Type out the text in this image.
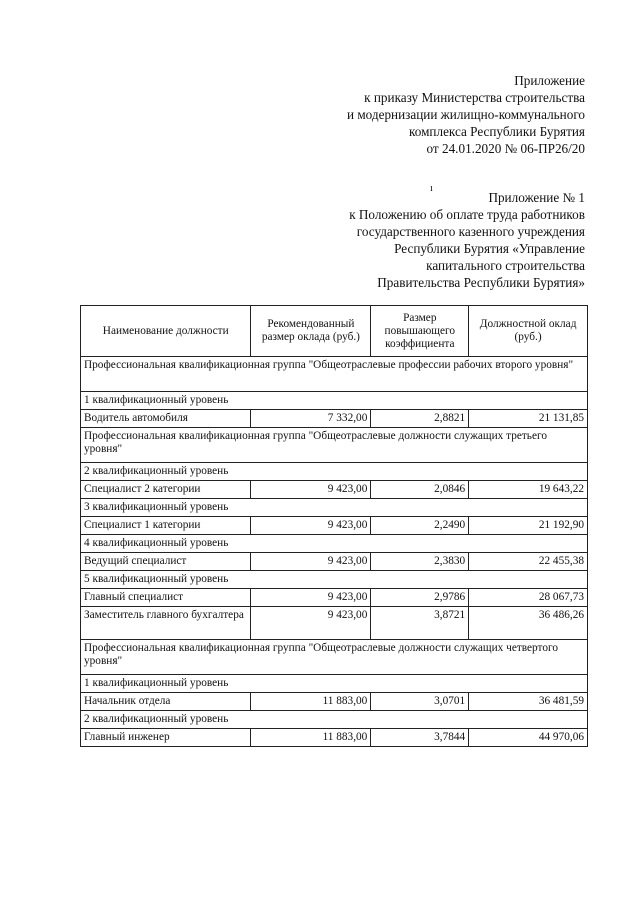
Приложение
к приказу Министерства строительства
и модернизации жилищно-коммунального
комплекса Республики Бурятия
от 24.01.2020 № 06-ПР26/20
ı
Приложение № 1
к Положению об оплате труда работников
государственного казенного учреждения
Республики Бурятия «Управление
капитального строительства
Правительства Республики Бурятия»
Наименование должности	Рекомендованный размер оклада (руб.)	Размер повышающего коэффициента	Должностной оклад (руб.)
Профессиональная квалификационная группа "Общеотраслевые профессии рабочих второго уровня"			
1 квалификационный уровень			
Водитель автомобиля	7 332,00	2,8821	21 131,85
Профессиональная квалификационная группа "Общеотраслевые должности служащих третьего уровня"			
2 квалификационный уровень			
Специалист 2 категории	9 423,00	2,0846	19 643,22
3 квалификационный уровень			
Специалист 1 категории	9 423,00	2,2490	21 192,90
4 квалификационный уровень			
Ведущий специалист	9 423,00	2,3830	22 455,38
5 квалификационный уровень			
Главный специалист	9 423,00	2,9786	28 067,73
Заместитель главного бухгалтера	9 423,00	3,8721	36 486,26
Профессиональная квалификационная группа "Общеотраслевые должности служащих четвертого уровня"			
1 квалификационный уровень			
Начальник отдела	11 883,00	3,0701	36 481,59
2 квалификационный уровень			
Главный инженер	11 883,00	3,7844	44 970,06
